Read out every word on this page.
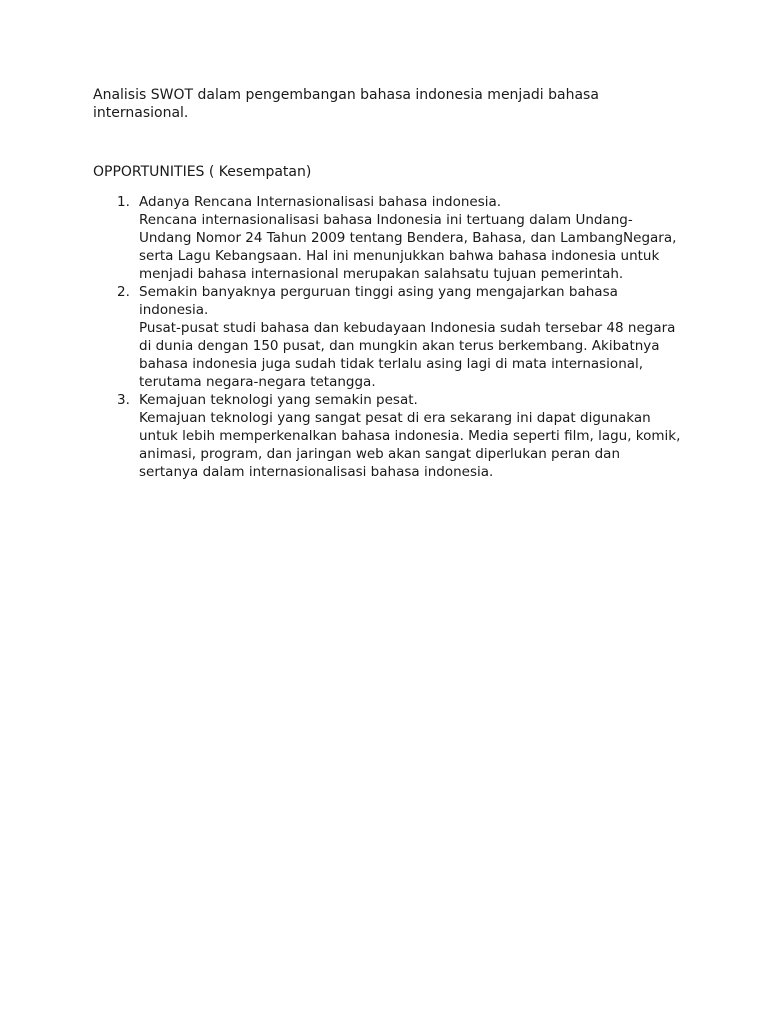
Analisis SWOT dalam pengembangan bahasa indonesia menjadi bahasa internasional.

OPPORTUNITIES ( Kesempatan)

1. Adanya Rencana Internasionalisasi bahasa indonesia.
Rencana internasionalisasi bahasa Indonesia ini tertuang dalam Undang-Undang Nomor 24 Tahun 2009 tentang Bendera, Bahasa, dan LambangNegara, serta Lagu Kebangsaan. Hal ini menunjukkan bahwa bahasa indonesia untuk menjadi bahasa internasional merupakan salahsatu tujuan pemerintah.
2. Semakin banyaknya perguruan tinggi asing yang mengajarkan bahasa indonesia.
Pusat-pusat studi bahasa dan kebudayaan Indonesia sudah tersebar 48 negara di dunia dengan 150 pusat, dan mungkin akan terus berkembang. Akibatnya bahasa indonesia juga sudah tidak terlalu asing lagi di mata internasional, terutama negara-negara tetangga.
3. Kemajuan teknologi yang semakin pesat.
Kemajuan teknologi yang sangat pesat di era sekarang ini dapat digunakan untuk lebih memperkenalkan bahasa indonesia. Media seperti film, lagu, komik, animasi, program, dan jaringan web akan sangat diperlukan peran dan sertanya dalam internasionalisasi bahasa indonesia.
